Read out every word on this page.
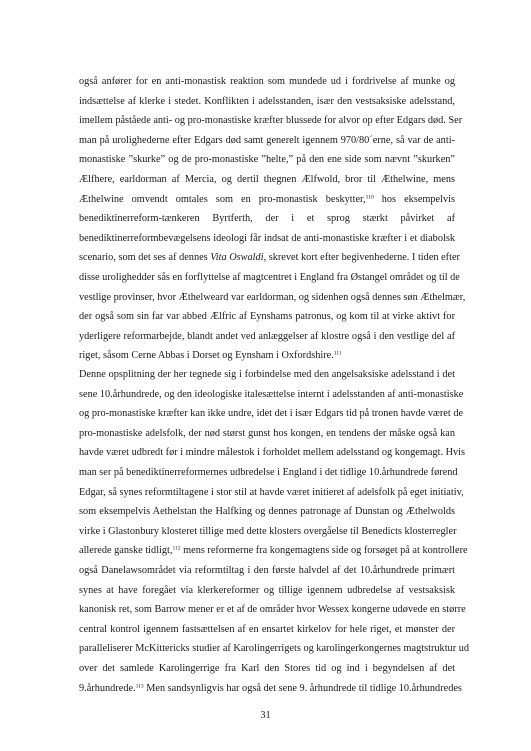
også anfører for en anti-monastisk reaktion som mundede ud i fordrivelse af munke og
indsættelse af klerke i stedet. Konflikten i adelsstanden, især den vestsaksiske adelsstand,
imellem påståede anti- og pro-monastiske kræfter blussede for alvor op efter Edgars død. Ser
man på urolighederne efter Edgars død samt generelt igennem 970/80´erne, så var de anti-
monastiske ”skurke” og de pro-monastiske ”helte,” på den ene side som nævnt ”skurken”
Ælfhere, earldorman af Mercia, og dertil thegnen Ælfwold, bror til Æthelwine, mens
Æthelwine omvendt omtales som en pro-monastisk beskytter,$^{110}$ hos eksempelvis
benediktinerreform-tænkeren Byrtferth, der i et sprog stærkt påvirket af
benediktinerreformbevægelsens ideologi får indsat de anti-monastiske kræfter i et diabolsk
scenario, som det ses af dennes Vita Oswaldi, skrevet kort efter begivenhederne. I tiden efter
disse urolighedder sås en forflyttelse af magtcentret i England fra Østangel området og til de
vestlige provinser, hvor Æthelweard var earldorman, og sidenhen også dennes søn Æthelmær,
der også som sin far var abbed Ælfric af Eynshams patronus, og kom til at virke aktivt for
yderligere reformarbejde, blandt andet ved anlæggelser af klostre også i den vestlige del af
riget, såsom Cerne Abbas i Dorset og Eynsham i Oxfordshire.$^{111}$
Denne opsplitning der her tegnede sig i forbindelse med den angelsaksiske adelsstand i det
sene 10.århundrede, og den ideologiske italesættelse internt i adelsstanden af anti-monastiske
og pro-monastiske kræfter kan ikke undre, idet det i især Edgars tid på tronen havde været de
pro-monastiske adelsfolk, der nød størst gunst hos kongen, en tendens der måske også kan
havde været udbredt før i mindre målestok i forholdet mellem adelsstand og kongemagt. Hvis
man ser på benediktinerreformernes udbredelse i England i det tidlige 10.århundrede førend
Edgar, så synes reformtiltagene i stor stil at havde været initieret af adelsfolk på eget initiativ,
som eksempelvis Aethelstan the Halfking og dennes patronage af Dunstan og Æthelwolds
virke i Glastonbury klosteret tillige med dette klosters overgåelse til Benedicts klosterregler
allerede ganske tidligt,$^{112}$ mens reformerne fra kongemagtens side og forsøget på at kontrollere
også Danelawsområdet via reformtiltag i den første halvdel af det 10.århundrede primært
synes at have foregået via klerkereformer og tillige igennem udbredelse af vestsaksisk
kanonisk ret, som Barrow mener er et af de områder hvor Wessex kongerne udøvede en større
central kontrol igennem fastsættelsen af en ensartet kirkelov for hele riget, et mønster der
paralleliserer McKittericks studier af Karolingerrigets og karolingerkongernes magtstruktur ud
over det samlede Karolingerrige fra Karl den Stores tid og ind i begyndelsen af det
9.århundrede.$^{113}$ Men sandsynligvis har også det sene 9. århundrede til tidlige 10.århundredes
31
